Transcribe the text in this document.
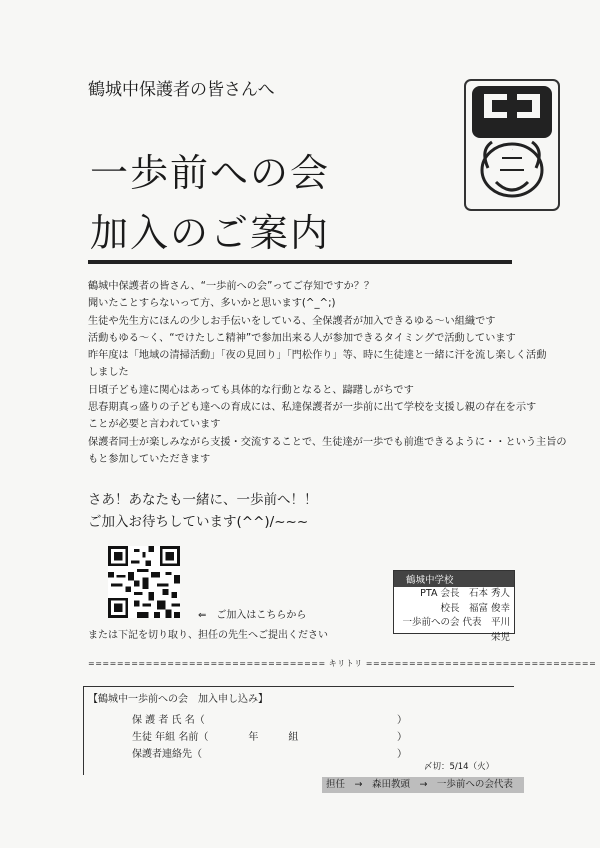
鶴城中保護者の皆さんへ
一歩前への会
加入のご案内
中
鶴城中保護者の皆さん、“一歩前への会”ってご存知ですか？？
聞いたことすらないって方、多いかと思います(^_^;)
生徒や先生方にほんの少しお手伝いをしている、全保護者が加入できるゆる～い組織です
活動もゆる～く、“でけたしこ精神”で参加出来る人が参加できるタイミングで活動しています
昨年度は「地域の清掃活動」「夜の見回り」「門松作り」等、時に生徒達と一緒に汗を流し楽しく活動
しました
日頃子ども達に関心はあっても具体的な行動となると、躊躇しがちです
思春期真っ盛りの子ども達への育成には、私達保護者が一歩前に出て学校を支援し親の存在を示す
ことが必要と言われています
保護者同士が楽しみながら支援・交流することで、生徒達が一歩でも前進できるように・・という主旨の
もと参加していただきます
さあ！あなたも一緒に、一歩前へ！！
ご加入お待ちしています(^^)/~~~
⇐　ご加入はこちらから
または下記を切り取り、担任の先生へご提出ください
鶴城中学校
PTA 会長　石本 秀人
校長　福富 俊幸
一歩前への会 代表　平川 栄児
================================= キリトリ ================================
【鶴城中一歩前への会　加入申し込み】
保 護 者 氏 名（	）
生徒 年組 名前（　　　　年　　　組	）
保護者連絡先（	）
〆切：5/14（火）
担任　→　森田教頭　→　一歩前への会代表
